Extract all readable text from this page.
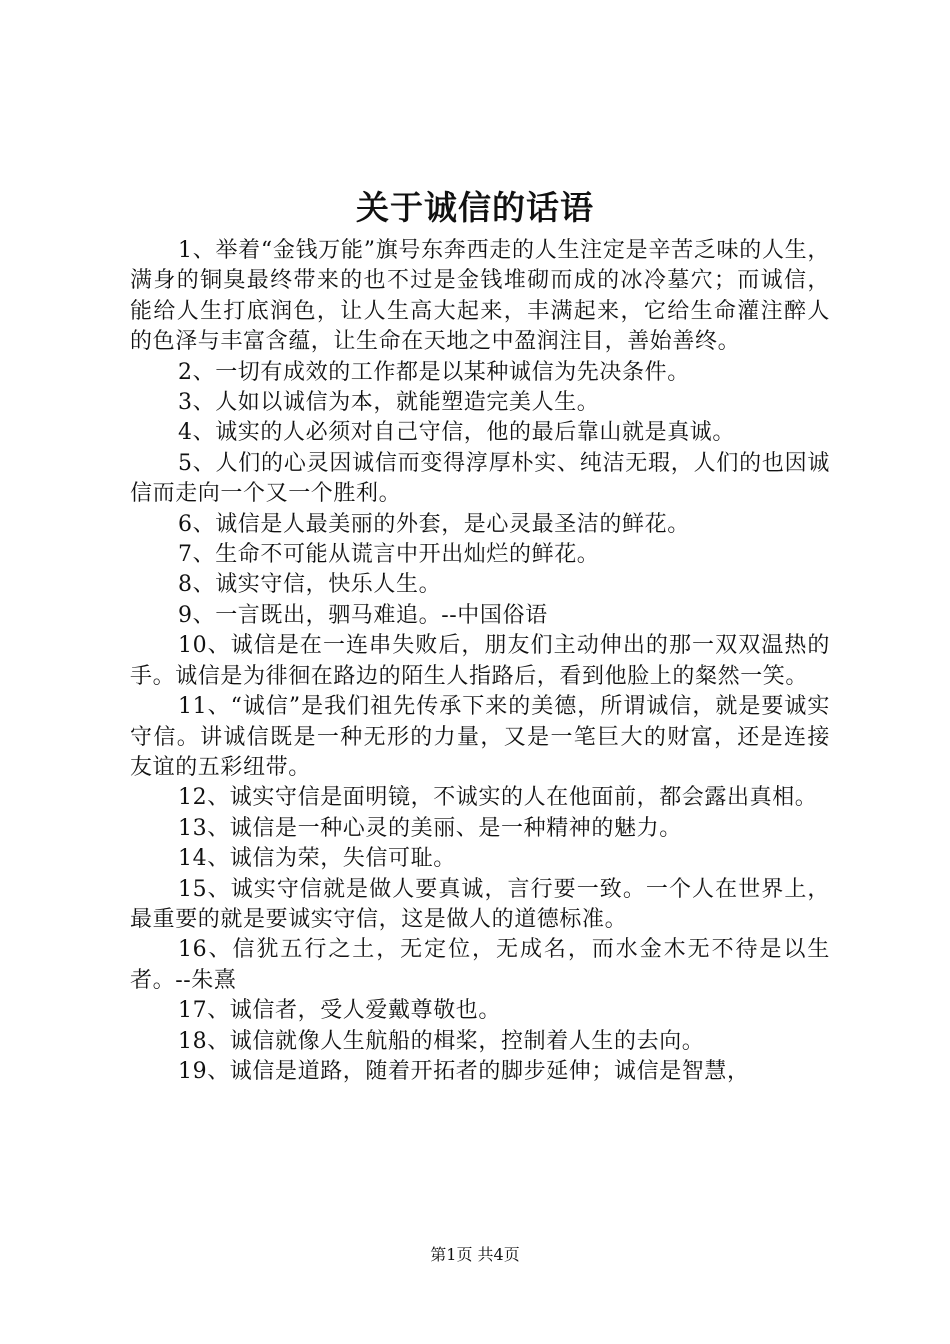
关于诚信的话语

1、举着“金钱万能”旗号东奔西走的人生注定是辛苦乏味的人生，满身的铜臭最终带来的也不过是金钱堆砌而成的冰冷墓穴；而诚信，能给人生打底润色，让人生高大起来，丰满起来，它给生命灌注醉人的色泽与丰富含蕴，让生命在天地之中盈润注目，善始善终。

2、一切有成效的工作都是以某种诚信为先决条件。

3、人如以诚信为本，就能塑造完美人生。

4、诚实的人必须对自己守信，他的最后靠山就是真诚。

5、人们的心灵因诚信而变得淳厚朴实、纯洁无瑕，人们的也因诚信而走向一个又一个胜利。

6、诚信是人最美丽的外套，是心灵最圣洁的鲜花。

7、生命不可能从谎言中开出灿烂的鲜花。

8、诚实守信，快乐人生。

9、一言既出，驷马难追。--中国俗语

10、诚信是在一连串失败后，朋友们主动伸出的那一双双温热的手。诚信是为徘徊在路边的陌生人指路后，看到他脸上的粲然一笑。

11、“诚信”是我们祖先传承下来的美德，所谓诚信，就是要诚实守信。讲诚信既是一种无形的力量，又是一笔巨大的财富，还是连接友谊的五彩纽带。

12、诚实守信是面明镜，不诚实的人在他面前，都会露出真相。

13、诚信是一种心灵的美丽、是一种精神的魅力。

14、诚信为荣，失信可耻。

15、诚实守信就是做人要真诚，言行要一致。一个人在世界上，最重要的就是要诚实守信，这是做人的道德标准。

16、信犹五行之土，无定位，无成名，而水金木无不待是以生者。--朱熹

17、诚信者，受人爱戴尊敬也。

18、诚信就像人生航船的楫桨，控制着人生的去向。

19、诚信是道路，随着开拓者的脚步延伸；诚信是智慧，

第1页 共4页
